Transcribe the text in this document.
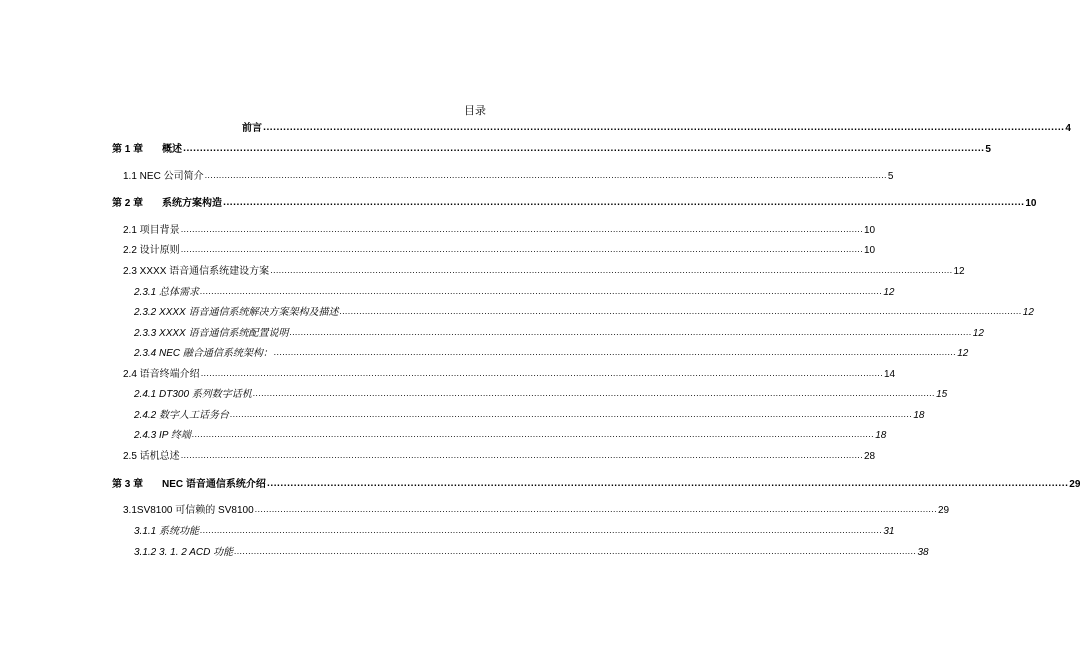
目录
前言 ................................................................................................................................................................................................................................................ 4
第 1 章 概述 ................................................................................................................................................................................................................................................ 5
1.1 NEC 公司简介 ................................................................................................................................................................................................................................................ 5
第 2 章 系统方案构造 ................................................................................................................................................................................................................................................ 10
2.1 项目背景 ................................................................................................................................................................................................................................................ 10
2.2 设计原则 ................................................................................................................................................................................................................................................ 10
2.3 XXXX 语音通信系统建设方案 ................................................................................................................................................................................................................................................ 12
2.3.1 总体需求 ................................................................................................................................................................................................................................................ 12
2.3.2 XXXX 语音通信系统解决方案架构及描述 ................................................................................................................................................................................................................................................ 12
2.3.3 XXXX 语音通信系统配置说明 ................................................................................................................................................................................................................................................ 12
2.3.4 NEC 融合通信系统架构： ................................................................................................................................................................................................................................................ 12
2.4 语音终端介绍 ................................................................................................................................................................................................................................................ 14
2.4.1 DT300 系列数字话机 ................................................................................................................................................................................................................................................ 15
2.4.2 数字人工话务台 ................................................................................................................................................................................................................................................ 18
2.4.3 IP 终端 ................................................................................................................................................................................................................................................ 18
2.5 话机总述 ................................................................................................................................................................................................................................................ 28
第 3 章 NEC 语音通信系统介绍 ................................................................................................................................................................................................................................................ 29
3.1SV8100 可信赖的 SV8100 ................................................................................................................................................................................................................................................ 29
3.1.1 系统功能 ................................................................................................................................................................................................................................................ 31
3.1.2 3. 1. 2 ACD 功能 ................................................................................................................................................................................................................................................ 38
